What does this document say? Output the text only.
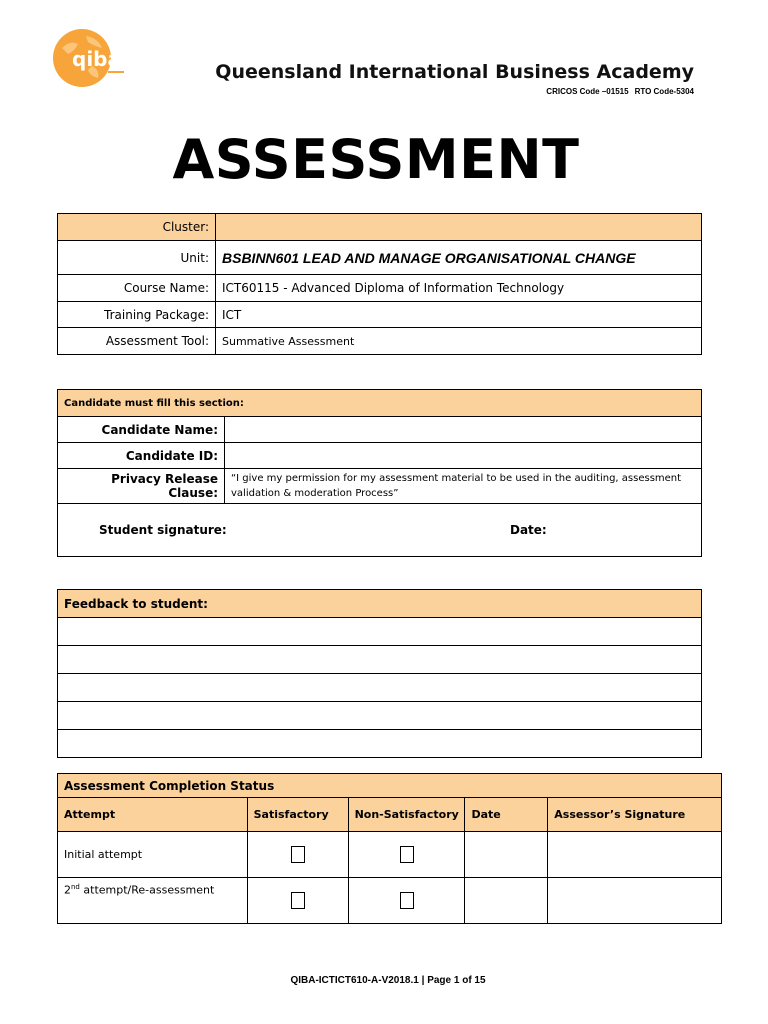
qiba
Queensland International Business Academy
CRICOS Code –01515 RTO Code-5304
ASSESSMENT
Cluster:	
Unit:	BSBINN601 LEAD AND MANAGE ORGANISATIONAL CHANGE
Course Name:	ICT60115 - Advanced Diploma of Information Technology
Training Package:	ICT
Assessment Tool:	Summative Assessment
Candidate must fill this section:	
Candidate Name:	
Candidate ID:	
Privacy Release Clause:	“I give my permission for my assessment material to be used in the auditing, assessment validation & moderation Process”

Student signature: Date:	
Feedback to student:

Assessment Completion Status				
Attempt	Satisfactory	Non-Satisfactory	Date	Assessor’s Signature
Initial attempt				
2nd attempt/Re-assessment				
QIBA-ICTICT610-A-V2018.1 | Page 1 of 15
